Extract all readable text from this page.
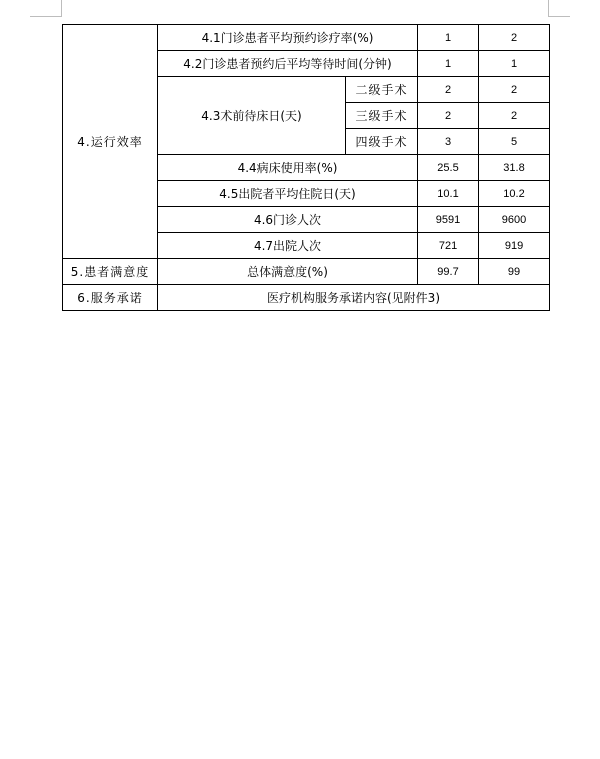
4.运行效率	4.1门诊患者平均预约诊疗率(%)		1	2
	4.2门诊患者预约后平均等待时间(分钟)		1	1
	4.3术前待床日(天)	二级手术	2	2
		三级手术	2	2
		四级手术	3	5
	4.4病床使用率(%)		25.5	31.8
	4.5出院者平均住院日(天)		10.1	10.2
	4.6门诊人次		9591	9600
	4.7出院人次		721	919
5.患者满意度	总体满意度(%)		99.7	99
6.服务承诺	医疗机构服务承诺内容(见附件3)			
